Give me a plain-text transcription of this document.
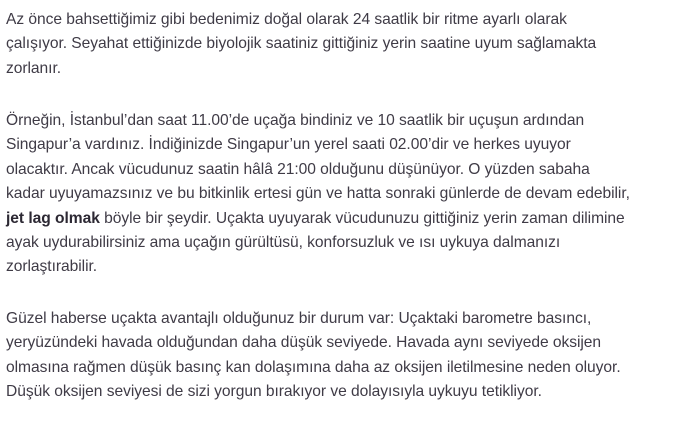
Az önce bahsettiğimiz gibi bedenimiz doğal olarak 24 saatlik bir ritme ayarlı olarak
çalışıyor. Seyahat ettiğinizde biyolojik saatiniz gittiğiniz yerin saatine uyum sağlamakta
zorlanır.

Örneğin, İstanbul’dan saat 11.00’de uçağa bindiniz ve 10 saatlik bir uçuşun ardından
Singapur’a vardınız. İndiğinizde Singapur’un yerel saati 02.00’dir ve herkes uyuyor
olacaktır. Ancak vücudunuz saatin hâlâ 21:00 olduğunu düşünüyor. O yüzden sabaha
kadar uyuyamazsınız ve bu bitkinlik ertesi gün ve hatta sonraki günlerde de devam edebilir,
jet lag olmak böyle bir şeydir. Uçakta uyuyarak vücudunuzu gittiğiniz yerin zaman dilimine
ayak uydurabilirsiniz ama uçağın gürültüsü, konforsuzluk ve ısı uykuya dalmanızı
zorlaştırabilir.

Güzel haberse uçakta avantajlı olduğunuz bir durum var: Uçaktaki barometre basıncı,
yeryüzündeki havada olduğundan daha düşük seviyede. Havada aynı seviyede oksijen
olmasına rağmen düşük basınç kan dolaşımına daha az oksijen iletilmesine neden oluyor.
Düşük oksijen seviyesi de sizi yorgun bırakıyor ve dolayısıyla uykuyu tetikliyor.
